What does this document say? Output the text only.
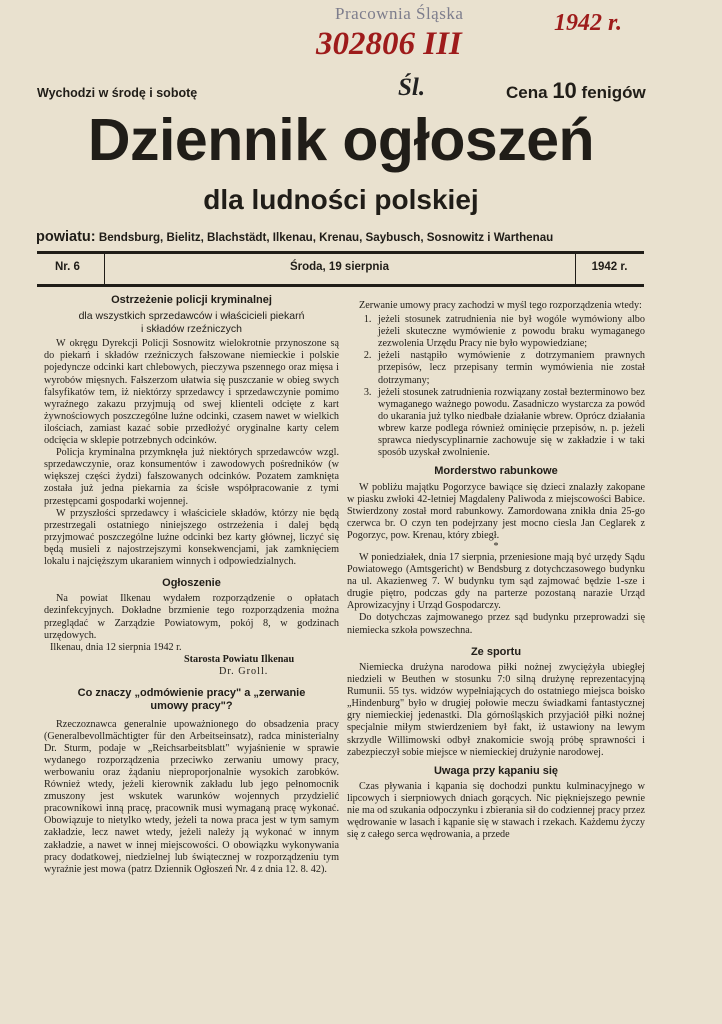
Pracownia Śląska
302806 III
1942 r.
Śl.
Wychodzi w środę i sobotę	Cena 10 fenigów
Dziennik ogłoszeń
dla ludności polskiej
powiatu: Bendsburg, Bielitz, Blachstädt, Ilkenau, Krenau, Saybusch, Sosnowitz i Warthenau
Nr. 6	Środa, 19 sierpnia	1942 r.
Ostrzeżenie policji kryminalnej
dla wszystkich sprzedawców i właścicieli piekarń
i składów rzeźniczych

W okręgu Dyrekcji Policji Sosnowitz wielokrotnie przynoszone są do piekarń i składów rzeźniczych fałszowane niemieckie i polskie pojedyncze odcinki kart chlebowych, pieczywa pszennego oraz mięsa i wyrobów mięsnych. Fałszerzom ułatwia się puszczanie w obieg swych falsyfikatów tem, iż niektórzy sprzedawcy i sprzedawczynie pomimo wyraźnego zakazu przyjmują od swej klienteli odcięte z kart żywnościowych poszczególne luźne odcinki, czasem nawet w wielkich ilościach, zamiast kazać sobie przedłożyć oryginalne karty celem odcięcia w sklepie potrzebnych odcinków.

Policja kryminalna przymknęła już niektórych sprzedawców wzgl. sprzedawczynie, oraz konsumentów i zawodowych pośredników (w większej części żydzi) fałszowanych odcinków. Pozatem zamknięta została już jedna piekarnia za ścisłe współpracowanie z tymi przestępcami gospodarki wojennej.

W przyszłości sprzedawcy i właściciele składów, którzy nie będą przestrzegali ostatniego niniejszego ostrzeżenia i dalej będą przyjmować poszczególne luźne odcinki bez karty głównej, liczyć się będą musieli z najostrzejszymi konsekwencjami, jak zamknięciem lokalu i najcięższym ukaraniem winnych i odpowiedzialnych.

Ogłoszenie

Na powiat Ilkenau wydałem rozporządzenie o opłatach dezinfekcyjnych. Dokładne brzmienie tego rozporządzenia można przeglądać w Zarządzie Powiatowym, pokój 8, w godzinach urzędowych.

Ilkenau, dnia 12 sierpnia 1942 r.
Starosta Powiatu Ilkenau
Dr. Groll.
Co znaczy „odmówienie pracy" a „zerwanie
umowy pracy"?

Rzeczoznawca generalnie upoważnionego do obsadzenia pracy (Generalbevollmächtigter für den Arbeitseinsatz), radca ministerialny Dr. Sturm, podaje w „Reichsarbeitsblatt" wyjaśnienie w sprawie wydanego rozporządzenia przeciwko zerwaniu umowy pracy, werbowaniu oraz żądaniu nieproporjonalnie wysokich zarobków. Również wtedy, jeżeli kierownik zakładu lub jego pełnomocnik zmuszony jest wskutek warunków wojennych przydzielić pracownikowi inną pracę, pracownik musi wymaganą pracę wykonać. Obowiązuje to nietylko wtedy, jeżeli ta nowa praca jest w tym samym zakładzie, lecz nawet wtedy, jeżeli należy ją wykonać w innym zakładzie, a nawet w innej miejscowości. O obowiązku wykonywania pracy dodatkowej, niedzielnej lub świątecznej w rozporządzeniu tym wyraźnie jest mowa (patrz Dziennik Ogłoszeń Nr. 4 z dnia 12. 8. 42).

Zerwanie umowy pracy zachodzi w myśl tego rozporządzenia wtedy:

1. jeżeli stosunek zatrudnienia nie był wogóle wymówiony albo jeżeli skuteczne wymówienie z powodu braku wymaganego zezwolenia Urzędu Pracy nie było wypowiedziane;
2. jeżeli nastąpiło wymówienie z dotrzymaniem prawnych przepisów, lecz przepisany termin wymówienia nie został dotrzymany;
3. jeżeli stosunek zatrudnienia rozwiązany został bezterminowo bez wymaganego ważnego powodu. Zasadniczo wystarcza za powód do ukarania już tylko niedbałe działanie wbrew. Oprócz działania wbrew karze podlega również ominięcie przepisów, n. p. jeżeli sprawca niedyscyplinarnie zachowuje się w zakładzie i w taki sposób uzyskał zwolnienie.
Morderstwo rabunkowe

W pobliżu majątku Pogorzyce bawiące się dzieci znalazły zakopane w piasku zwłoki 42-letniej Magdaleny Paliwoda z miejscowości Babice. Stwierdzony został mord rabunkowy. Zamordowana znikła dnia 25-go czerwca br. O czyn ten podejrzany jest mocno ciesla Jan Ceglarek z Pogorzyc, pow. Krenau, który zbiegł.

*

W poniedziałek, dnia 17 sierpnia, przeniesione mają być urzędy Sądu Powiatowego (Amtsgericht) w Bendsburg z dotychczasowego budynku na ul. Akazienweg 7. W budynku tym sąd zajmować będzie 1-sze i drugie piętro, podczas gdy na parterze pozostaną narazie Urząd Aprowizacyjny i Urząd Gospodarczy.

Do dotychczas zajmowanego przez sąd budynku przeprowadzi się niemiecka szkoła powszechna.

Ze sportu

Niemiecka drużyna narodowa piłki nożnej zwyciężyła ubiegłej niedzieli w Beuthen w stosunku 7:0 silną drużynę reprezentacyjną Rumunii. 55 tys. widzów wypełniających do ostatniego miejsca boisko „Hindenburg" było w drugiej połowie meczu świadkami fantastycznej gry niemieckiej jedenastki. Dla górnośląskich przyjaciół piłki nożnej specjalnie miłym stwierdzeniem był fakt, iż ustawiony na lewym skrzydle Willimowski odbył znakomicie swoją próbę sprawności i zabezpieczył sobie miejsce w niemieckiej drużynie narodowej.

Uwaga przy kąpaniu się

Czas pływania i kąpania się dochodzi punktu kulminacyjnego w lipcowych i sierpniowych dniach gorących. Nic piękniejszego pewnie nie ma od szukania odpoczynku i zbierania sił do codziennej pracy przez wędrowanie w lasach i kąpanie się w stawach i rzekach. Każdemu życzy się z całego serca wędrowania, a przede
